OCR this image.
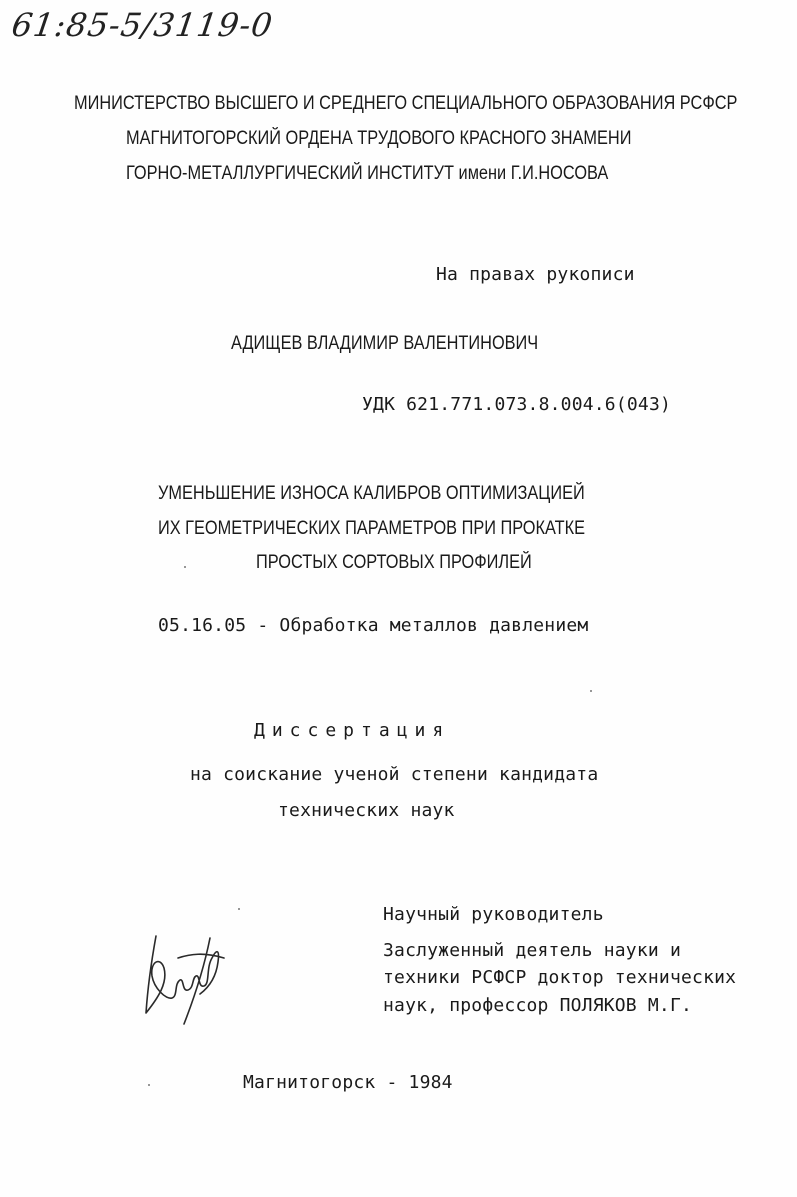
61:85-5/3119-0
МИНИСТЕРСТВО ВЫСШЕГО И СРЕДНЕГО СПЕЦИАЛЬНОГО ОБРАЗОВАНИЯ РСФСР
МАГНИТОГОРСКИЙ ОРДЕНА ТРУДОВОГО КРАСНОГО ЗНАМЕНИ
ГОРНО-МЕТАЛЛУРГИЧЕСКИЙ ИНСТИТУТ имени Г.И.НОСОВА
На правах рукописи
АДИЩЕВ ВЛАДИМИР ВАЛЕНТИНОВИЧ
УДК 621.771.073.8.004.6(043)
УМЕНЬШЕНИЕ ИЗНОСА КАЛИБРОВ ОПТИМИЗАЦИЕЙ
ИХ ГЕОМЕТРИЧЕСКИХ ПАРАМЕТРОВ ПРИ ПРОКАТКЕ
ПРОСТЫХ СОРТОВЫХ ПРОФИЛЕЙ
05.16.05 - Обработка металлов давлением
Диссертация
на соискание ученой степени кандидата
технических наук
Научный руководитель
Заслуженный деятель науки и
техники РСФСР доктор технических
наук, профессор ПОЛЯКОВ М.Г.
Магнитогорск - 1984
